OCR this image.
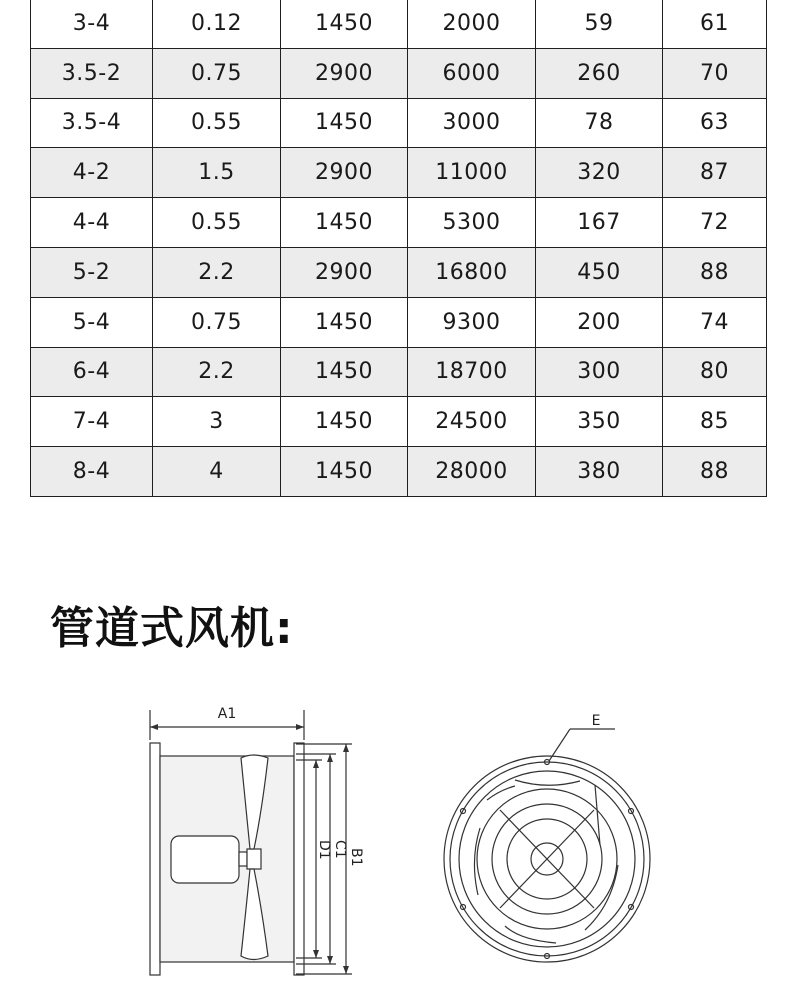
3-4	0.12	1450	2000	59	61
3.5-2	0.75	2900	6000	260	70
3.5-4	0.55	1450	3000	78	63
4-2	1.5	2900	11000	320	87
4-4	0.55	1450	5300	167	72
5-2	2.2	2900	16800	450	88
5-4	0.75	1450	9300	200	74
6-4	2.2	1450	18700	300	80
7-4	3	1450	24500	350	85
8-4	4	1450	28000	380	88
管道式风机:
A1
B1
C1
D1
E
